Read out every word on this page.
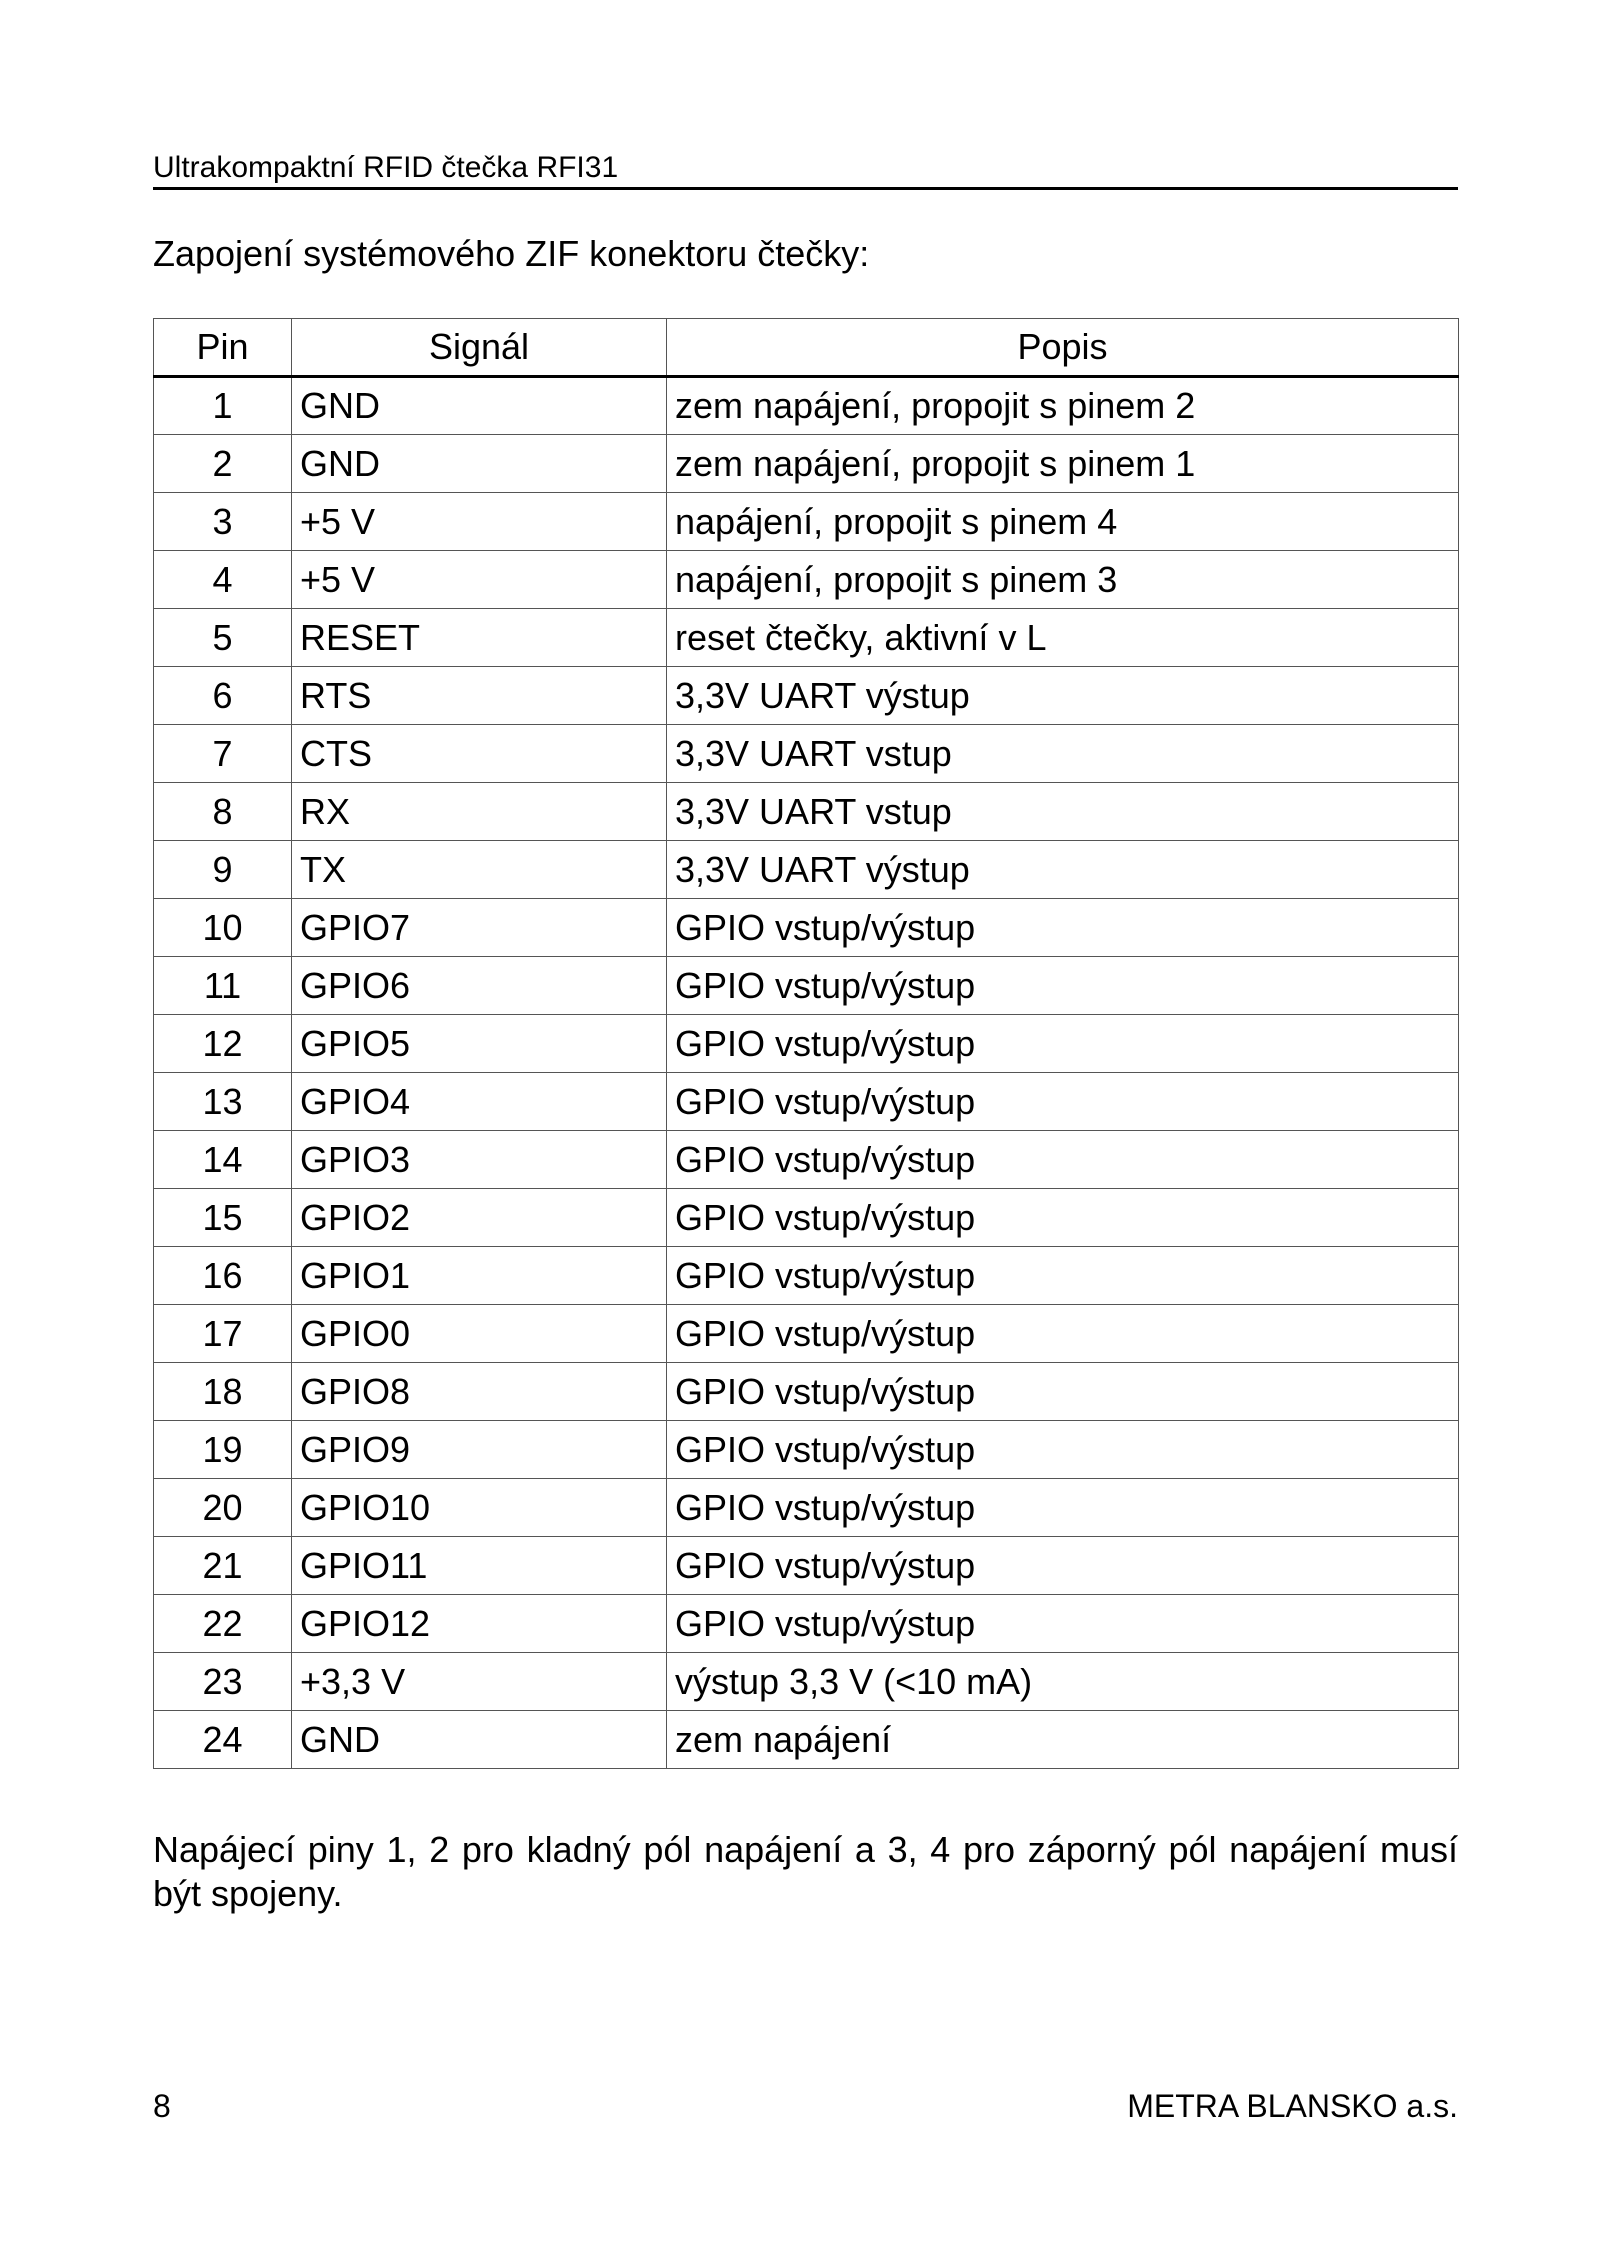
Ultrakompaktní RFID čtečka RFI31
Zapojení systémového ZIF konektoru čtečky:
Pin	Signál	Popis
1	GND	zem napájení, propojit s pinem 2
2	GND	zem napájení, propojit s pinem 1
3	+5 V	napájení, propojit s pinem 4
4	+5 V	napájení, propojit s pinem 3
5	RESET	reset čtečky, aktivní v L
6	RTS	3,3V UART výstup
7	CTS	3,3V UART vstup
8	RX	3,3V UART vstup
9	TX	3,3V UART výstup
10	GPIO7	GPIO vstup/výstup
11	GPIO6	GPIO vstup/výstup
12	GPIO5	GPIO vstup/výstup
13	GPIO4	GPIO vstup/výstup
14	GPIO3	GPIO vstup/výstup
15	GPIO2	GPIO vstup/výstup
16	GPIO1	GPIO vstup/výstup
17	GPIO0	GPIO vstup/výstup
18	GPIO8	GPIO vstup/výstup
19	GPIO9	GPIO vstup/výstup
20	GPIO10	GPIO vstup/výstup
21	GPIO11	GPIO vstup/výstup
22	GPIO12	GPIO vstup/výstup
23	+3,3 V	výstup 3,3 V (<10 mA)
24	GND	zem napájení
Napájecí piny 1, 2 pro kladný pól napájení a 3, 4 pro záporný pól napájení musí být spojeny.
8	METRA BLANSKO a.s.
